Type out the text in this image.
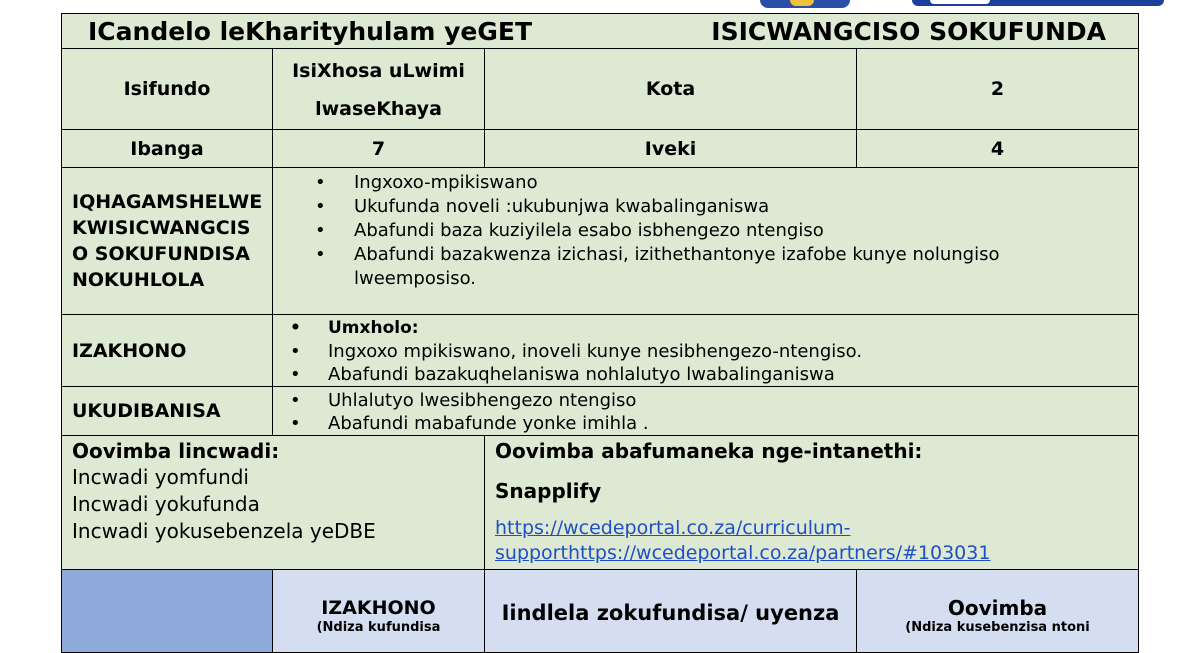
ICandelo leKharityhulam yeGET	ISICWANGCISO SOKUFUNDA
Isifundo
IsiXhosa uLwimi
lwaseKhaya
Kota	2
Ibanga	7	Iveki	4
IQHAGAMSHELWE
KWISICWANGCIS
O SOKUFUNDISA
NOKUHLOLA
• Ingxoxo-mpikiswano
• Ukufunda noveli :ukubunjwa kwabalinganiswa
• Abafundi baza kuziyilela esabo isbhengezo ntengiso
• Abafundi bazakwenza izichasi, izithethantonye izafobe kunye nolungiso lweemposiso.
IZAKHONO
• Umxholo:
• Ingxoxo mpikiswano, inoveli kunye nesibhengezo-ntengiso.
• Abafundi bazakuqhelaniswa nohlalutyo lwabalinganiswa
UKUDIBANISA
•	Uhlalutyo lwesibhengezo ntengiso
• Abafundi mabafunde yonke imihla .
Oovimba lincwadi:
Incwadi yomfundi
Incwadi yokufunda
Incwadi yokusebenzela yeDBE
Oovimba abafumaneka nge-intanethi:
Snapplify
https://wcedeportal.co.za/curriculum-
supporthttps://wcedeportal.co.za/partners/#103031
IZAKHONO
(Ndiza kufundisa
Iindlela zokufundisa/ uyenza	Oovimba
(Ndiza kusebenzisa ntoni
